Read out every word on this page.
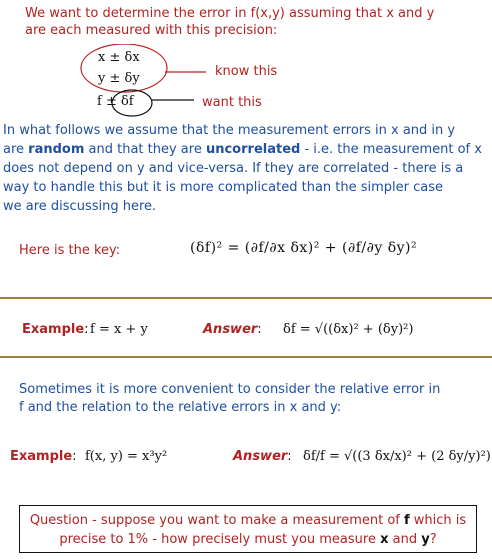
We want to determine the error in f(x,y) assuming that x and y
are each measured with this precision:
x ± δx
y ± δy
f ± δf
know this
want this
In what follows we assume that the measurement errors in x and in y
are random and that they are uncorrelated - i.e. the measurement of x
does not depend on y and vice-versa. If they are correlated - there is a
way to handle this but it is more complicated than the simpler case
we are discussing here.
Here is the key:	(δf)² = (∂f/∂x δx)² + (∂f/∂y δy)²
Example: f = x + y	Answer: δf = √((δx)² + (δy)²)
Sometimes it is more convenient to consider the relative error in
f and the relation to the relative errors in x and y:
Example: f(x, y) = x³y²	Answer: δf/f = √((3 δx/x)² + (2 δy/y)²)
Question - suppose you want to make a measurement of f which is
precise to 1% - how precisely must you measure x and y?
